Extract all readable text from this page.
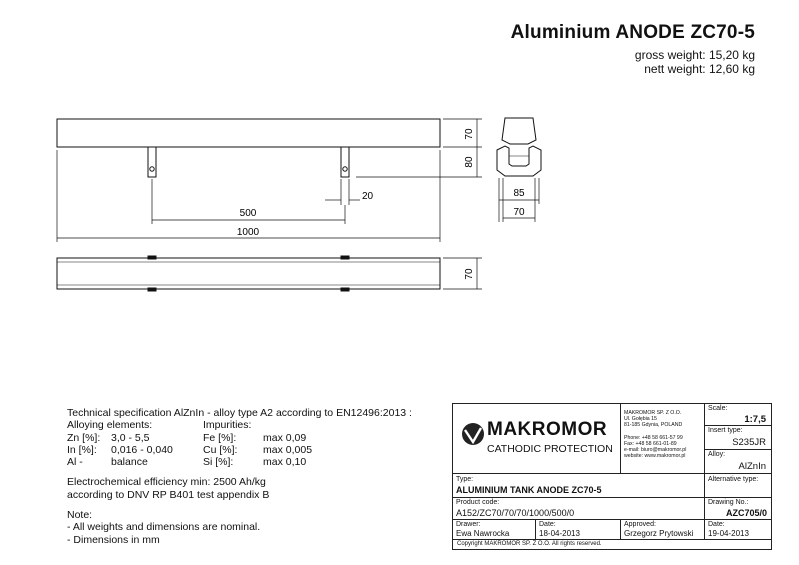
Aluminium ANODE ZC70-5
gross weight: 15,20 kg
nett weight: 12,60 kg
70
80
20
500
1000
70
85
70
Technical specification AlZnIn - alloy type A2 according to EN12496:2013 :
Alloying elements:	Impurities:
Zn [%]: 3,0 - 5,5	Fe [%]:	max 0,09
In [%]: 0,016 - 0,040	Cu [%]: max 0,005
Al -	balance	Si [%]:	max 0,10
Electrochemical efficiency min: 2500 Ah/kg
according to DNV RP B401 test appendix B
Note:
- All weights and dimensions are nominal.
- Dimensions in mm
MAKROMOR
CATHODIC PROTECTION
MAKROMOR SP. Z O.O.
Ul. Gołębia 15
81-185 Gdynia, POLAND
Phone: +48 58 661-57 99
Fax: +48 58 661-01-89
e-mail: biuro@makromor.pl
website: www.makromor.pl
Scale:
1:7,5
Insert type:
S235JR
Alloy:
AlZnIn
Type:
ALUMINIUM TANK ANODE ZC70-5
Alternative type:
Product code:
A152/ZC70/70/70/1000/500/0
Drawing No.:
AZC705/0
Drawer:
Ewa Nawrocka
Date:
18-04-2013
Approved:
Grzegorz Prytowski
Date:
19-04-2013
Copyright MAKROMOR SP. Z O.O. All rights reserved.
